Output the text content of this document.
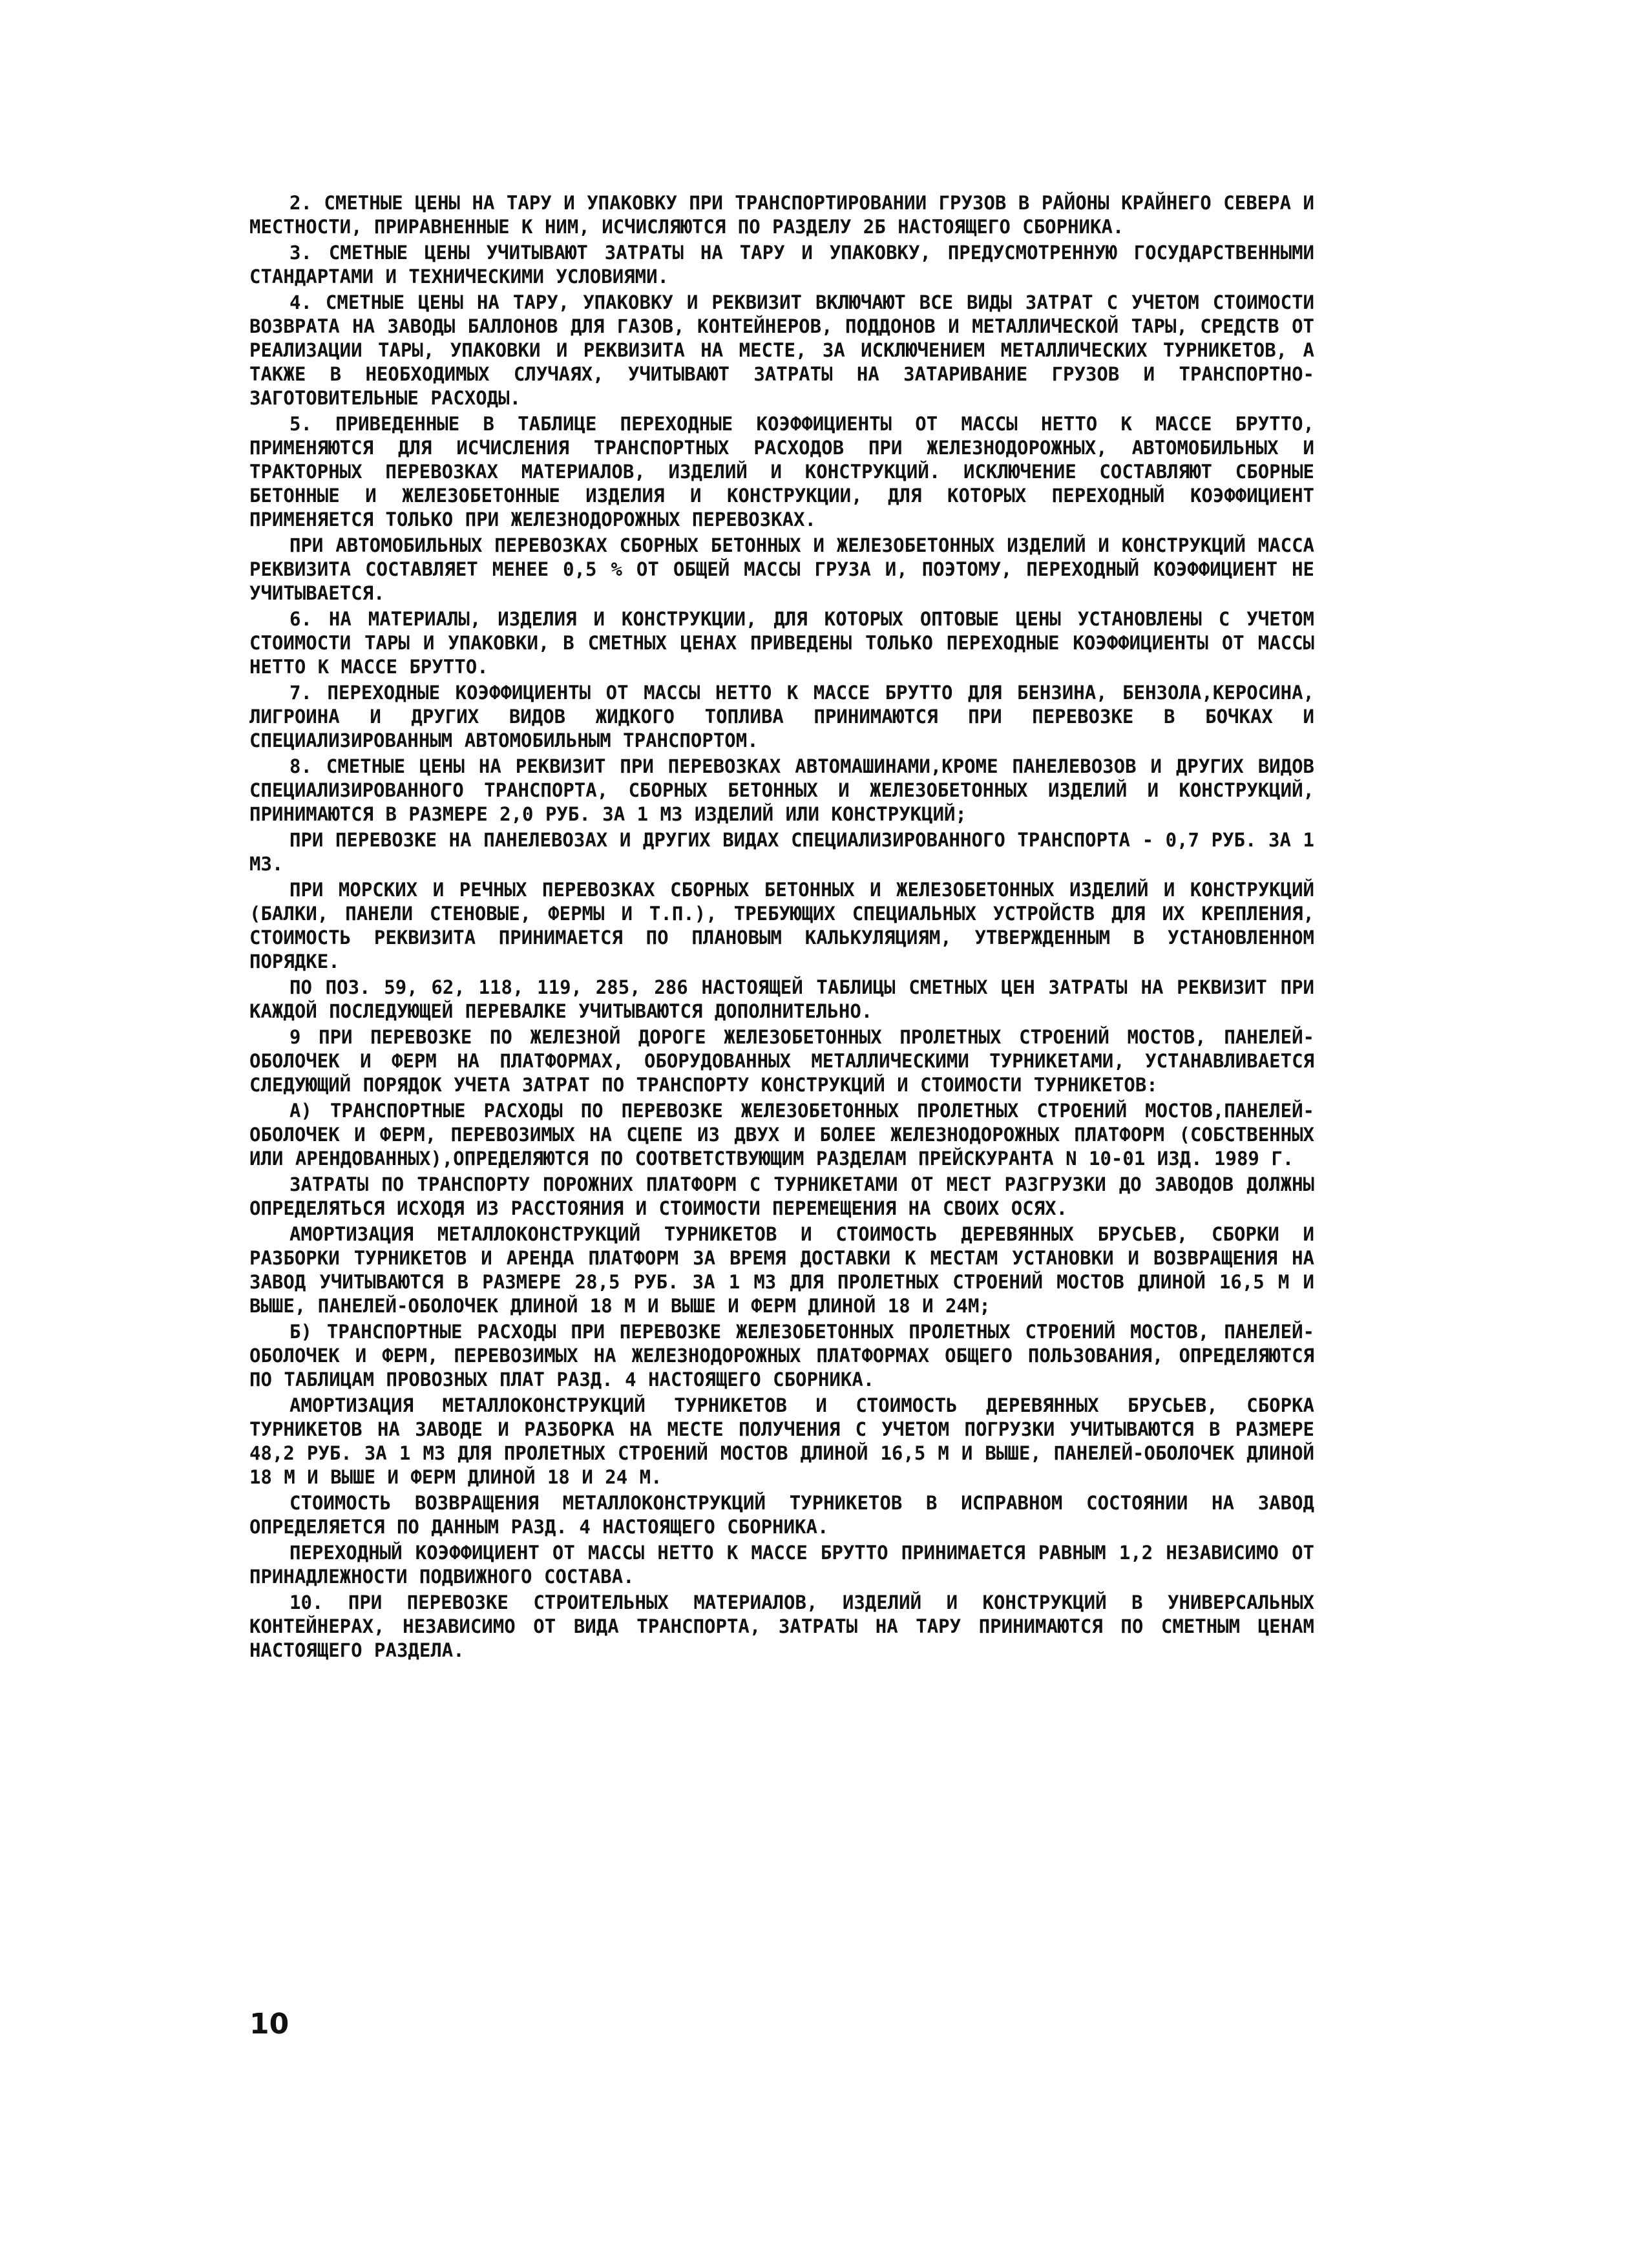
2. СМЕТНЫЕ ЦЕНЫ НА ТАРУ И УПАКОВКУ ПРИ ТРАНСПОРТИРОВАНИИ ГРУЗОВ В РАЙОНЫ КРАЙНЕГО СЕВЕРА И МЕСТНОСТИ, ПРИРАВНЕННЫЕ К НИМ, ИСЧИСЛЯЮТСЯ ПО РАЗДЕЛУ 2Б НАСТОЯЩЕГО СБОРНИКА.

3. СМЕТНЫЕ ЦЕНЫ УЧИТЫВАЮТ ЗАТРАТЫ НА ТАРУ И УПАКОВКУ, ПРЕДУСМОТРЕННУЮ ГОСУДАРСТВЕННЫМИ СТАНДАРТАМИ И ТЕХНИЧЕСКИМИ УСЛОВИЯМИ.

4. СМЕТНЫЕ ЦЕНЫ НА ТАРУ, УПАКОВКУ И РЕКВИЗИТ ВКЛЮЧАЮТ ВСЕ ВИДЫ ЗАТРАТ С УЧЕТОМ СТОИМОСТИ ВОЗВРАТА НА ЗАВОДЫ БАЛЛОНОВ ДЛЯ ГАЗОВ, КОНТЕЙНЕРОВ, ПОДДОНОВ И МЕТАЛЛИЧЕСКОЙ ТАРЫ, СРЕДСТВ ОТ РЕАЛИЗАЦИИ ТАРЫ, УПАКОВКИ И РЕКВИЗИТА НА МЕСТЕ, ЗА ИСКЛЮЧЕНИЕМ МЕТАЛЛИЧЕСКИХ ТУРНИКЕТОВ, А ТАКЖЕ В НЕОБХОДИМЫХ СЛУЧАЯХ, УЧИТЫВАЮТ ЗАТРАТЫ НА ЗАТАРИВАНИЕ ГРУЗОВ И ТРАНСПОРТНО-ЗАГОТОВИТЕЛЬНЫЕ РАСХОДЫ.

5. ПРИВЕДЕННЫЕ В ТАБЛИЦЕ ПЕРЕХОДНЫЕ КОЭФФИЦИЕНТЫ ОТ МАССЫ НЕТТО К МАССЕ БРУТТО, ПРИМЕНЯЮТСЯ ДЛЯ ИСЧИСЛЕНИЯ ТРАНСПОРТНЫХ РАСХОДОВ ПРИ ЖЕЛЕЗНОДОРОЖНЫХ, АВТОМОБИЛЬНЫХ И ТРАКТОРНЫХ ПЕРЕВОЗКАХ МАТЕРИАЛОВ, ИЗДЕЛИЙ И КОНСТРУКЦИЙ. ИСКЛЮЧЕНИЕ СОСТАВЛЯЮТ СБОРНЫЕ БЕТОННЫЕ И ЖЕЛЕЗОБЕТОННЫЕ ИЗДЕЛИЯ И КОНСТРУКЦИИ, ДЛЯ КОТОРЫХ ПЕРЕХОДНЫЙ КОЭФФИЦИЕНТ ПРИМЕНЯЕТСЯ ТОЛЬКО ПРИ ЖЕЛЕЗНОДОРОЖНЫХ ПЕРЕВОЗКАХ.

ПРИ АВТОМОБИЛЬНЫХ ПЕРЕВОЗКАХ СБОРНЫХ БЕТОННЫХ И ЖЕЛЕЗОБЕТОННЫХ ИЗДЕЛИЙ И КОНСТРУКЦИЙ МАССА РЕКВИЗИТА СОСТАВЛЯЕТ МЕНЕЕ 0,5 % ОТ ОБЩЕЙ МАССЫ ГРУЗА И, ПОЭТОМУ, ПЕРЕХОДНЫЙ КОЭФФИЦИЕНТ НЕ УЧИТЫВАЕТСЯ.

6. НА МАТЕРИАЛЫ, ИЗДЕЛИЯ И КОНСТРУКЦИИ, ДЛЯ КОТОРЫХ ОПТОВЫЕ ЦЕНЫ УСТАНОВЛЕНЫ С УЧЕТОМ СТОИМОСТИ ТАРЫ И УПАКОВКИ, В СМЕТНЫХ ЦЕНАХ ПРИВЕДЕНЫ ТОЛЬКО ПЕРЕХОДНЫЕ КОЭФФИЦИЕНТЫ ОТ МАССЫ НЕТТО К МАССЕ БРУТТО.

7. ПЕРЕХОДНЫЕ КОЭФФИЦИЕНТЫ ОТ МАССЫ НЕТТО К МАССЕ БРУТТО ДЛЯ БЕНЗИНА, БЕНЗОЛА,КЕРОСИНА, ЛИГРОИНА И ДРУГИХ ВИДОВ ЖИДКОГО ТОПЛИВА ПРИНИМАЮТСЯ ПРИ ПЕРЕВОЗКЕ В БОЧКАХ И СПЕЦИАЛИЗИРОВАННЫМ АВТОМОБИЛЬНЫМ ТРАНСПОРТОМ.

8. СМЕТНЫЕ ЦЕНЫ НА РЕКВИЗИТ ПРИ ПЕРЕВОЗКАХ АВТОМАШИНАМИ,КРОМЕ ПАНЕЛЕВОЗОВ И ДРУГИХ ВИДОВ СПЕЦИАЛИЗИРОВАННОГО ТРАНСПОРТА, СБОРНЫХ БЕТОННЫХ И ЖЕЛЕЗОБЕТОННЫХ ИЗДЕЛИЙ И КОНСТРУКЦИЙ, ПРИНИМАЮТСЯ В РАЗМЕРЕ 2,0 РУБ. ЗА 1 М3 ИЗДЕЛИЙ ИЛИ КОНСТРУКЦИЙ;

ПРИ ПЕРЕВОЗКЕ НА ПАНЕЛЕВОЗАХ И ДРУГИХ ВИДАХ СПЕЦИАЛИЗИРОВАННОГО ТРАНСПОРТА - 0,7 РУБ. ЗА 1 М3.

ПРИ МОРСКИХ И РЕЧНЫХ ПЕРЕВОЗКАХ СБОРНЫХ БЕТОННЫХ И ЖЕЛЕЗОБЕТОННЫХ ИЗДЕЛИЙ И КОНСТРУКЦИЙ (БАЛКИ, ПАНЕЛИ СТЕНОВЫЕ, ФЕРМЫ И Т.П.), ТРЕБУЮЩИХ СПЕЦИАЛЬНЫХ УСТРОЙСТВ ДЛЯ ИХ КРЕПЛЕНИЯ, СТОИМОСТЬ РЕКВИЗИТА ПРИНИМАЕТСЯ ПО ПЛАНОВЫМ КАЛЬКУЛЯЦИЯМ, УТВЕРЖДЕННЫМ В УСТАНОВЛЕННОМ ПОРЯДКЕ.

ПО ПОЗ. 59, 62, 118, 119, 285, 286 НАСТОЯЩЕЙ ТАБЛИЦЫ СМЕТНЫХ ЦЕН ЗАТРАТЫ НА РЕКВИЗИТ ПРИ КАЖДОЙ ПОСЛЕДУЮЩЕЙ ПЕРЕВАЛКЕ УЧИТЫВАЮТСЯ ДОПОЛНИТЕЛЬНО.

9 ПРИ ПЕРЕВОЗКЕ ПО ЖЕЛЕЗНОЙ ДОРОГЕ ЖЕЛЕЗОБЕТОННЫХ ПРОЛЕТНЫХ СТРОЕНИЙ МОСТОВ, ПАНЕЛЕЙ-ОБОЛОЧЕК И ФЕРМ НА ПЛАТФОРМАХ, ОБОРУДОВАННЫХ МЕТАЛЛИЧЕСКИМИ ТУРНИКЕТАМИ, УСТАНАВЛИВАЕТСЯ СЛЕДУЮЩИЙ ПОРЯДОК УЧЕТА ЗАТРАТ ПО ТРАНСПОРТУ КОНСТРУКЦИЙ И СТОИМОСТИ ТУРНИКЕТОВ:

А) ТРАНСПОРТНЫЕ РАСХОДЫ ПО ПЕРЕВОЗКЕ ЖЕЛЕЗОБЕТОННЫХ ПРОЛЕТНЫХ СТРОЕНИЙ МОСТОВ,ПАНЕЛЕЙ-ОБОЛОЧЕК И ФЕРМ, ПЕРЕВОЗИМЫХ НА СЦЕПЕ ИЗ ДВУХ И БОЛЕЕ ЖЕЛЕЗНОДОРОЖНЫХ ПЛАТФОРМ (СОБСТВЕННЫХ ИЛИ АРЕНДОВАННЫХ),ОПРЕДЕЛЯЮТСЯ ПО СООТВЕТСТВУЮЩИМ РАЗДЕЛАМ ПРЕЙСКУРАНТА N 10-01 ИЗД. 1989 Г.

ЗАТРАТЫ ПО ТРАНСПОРТУ ПОРОЖНИХ ПЛАТФОРМ С ТУРНИКЕТАМИ ОТ МЕСТ РАЗГРУЗКИ ДО ЗАВОДОВ ДОЛЖНЫ ОПРЕДЕЛЯТЬСЯ ИСХОДЯ ИЗ РАССТОЯНИЯ И СТОИМОСТИ ПЕРЕМЕЩЕНИЯ НА СВОИХ ОСЯХ.

АМОРТИЗАЦИЯ МЕТАЛЛОКОНСТРУКЦИЙ ТУРНИКЕТОВ И СТОИМОСТЬ ДЕРЕВЯННЫХ БРУСЬЕВ, СБОРКИ И РАЗБОРКИ ТУРНИКЕТОВ И АРЕНДА ПЛАТФОРМ ЗА ВРЕМЯ ДОСТАВКИ К МЕСТАМ УСТАНОВКИ И ВОЗВРАЩЕНИЯ НА ЗАВОД УЧИТЫВАЮТСЯ В РАЗМЕРЕ 28,5 РУБ. ЗА 1 М3 ДЛЯ ПРОЛЕТНЫХ СТРОЕНИЙ МОСТОВ ДЛИНОЙ 16,5 М И ВЫШЕ, ПАНЕЛЕЙ-ОБОЛОЧЕК ДЛИНОЙ 18 М И ВЫШЕ И ФЕРМ ДЛИНОЙ 18 И 24М;

Б) ТРАНСПОРТНЫЕ РАСХОДЫ ПРИ ПЕРЕВОЗКЕ ЖЕЛЕЗОБЕТОННЫХ ПРОЛЕТНЫХ СТРОЕНИЙ МОСТОВ, ПАНЕЛЕЙ-ОБОЛОЧЕК И ФЕРМ, ПЕРЕВОЗИМЫХ НА ЖЕЛЕЗНОДОРОЖНЫХ ПЛАТФОРМАХ ОБЩЕГО ПОЛЬЗОВАНИЯ, ОПРЕДЕЛЯЮТСЯ ПО ТАБЛИЦАМ ПРОВОЗНЫХ ПЛАТ РАЗД. 4 НАСТОЯЩЕГО СБОРНИКА.

АМОРТИЗАЦИЯ МЕТАЛЛОКОНСТРУКЦИЙ ТУРНИКЕТОВ И СТОИМОСТЬ ДЕРЕВЯННЫХ БРУСЬЕВ, СБОРКА ТУРНИКЕТОВ НА ЗАВОДЕ И РАЗБОРКА НА МЕСТЕ ПОЛУЧЕНИЯ С УЧЕТОМ ПОГРУЗКИ УЧИТЫВАЮТСЯ В РАЗМЕРЕ 48,2 РУБ. ЗА 1 М3 ДЛЯ ПРОЛЕТНЫХ СТРОЕНИЙ МОСТОВ ДЛИНОЙ 16,5 М И ВЫШЕ, ПАНЕЛЕЙ-ОБОЛОЧЕК ДЛИНОЙ 18 М И ВЫШЕ И ФЕРМ ДЛИНОЙ 18 И 24 М.

СТОИМОСТЬ ВОЗВРАЩЕНИЯ МЕТАЛЛОКОНСТРУКЦИЙ ТУРНИКЕТОВ В ИСПРАВНОМ СОСТОЯНИИ НА ЗАВОД ОПРЕДЕЛЯЕТСЯ ПО ДАННЫМ РАЗД. 4 НАСТОЯЩЕГО СБОРНИКА.

ПЕРЕХОДНЫЙ КОЭФФИЦИЕНТ ОТ МАССЫ НЕТТО К МАССЕ БРУТТО ПРИНИМАЕТСЯ РАВНЫМ 1,2 НЕЗАВИСИМО ОТ ПРИНАДЛЕЖНОСТИ ПОДВИЖНОГО СОСТАВА.

10. ПРИ ПЕРЕВОЗКЕ СТРОИТЕЛЬНЫХ МАТЕРИАЛОВ, ИЗДЕЛИЙ И КОНСТРУКЦИЙ В УНИВЕРСАЛЬНЫХ КОНТЕЙНЕРАХ, НЕЗАВИСИМО ОТ ВИДА ТРАНСПОРТА, ЗАТРАТЫ НА ТАРУ ПРИНИМАЮТСЯ ПО СМЕТНЫМ ЦЕНАМ НАСТОЯЩЕГО РАЗДЕЛА.

10
